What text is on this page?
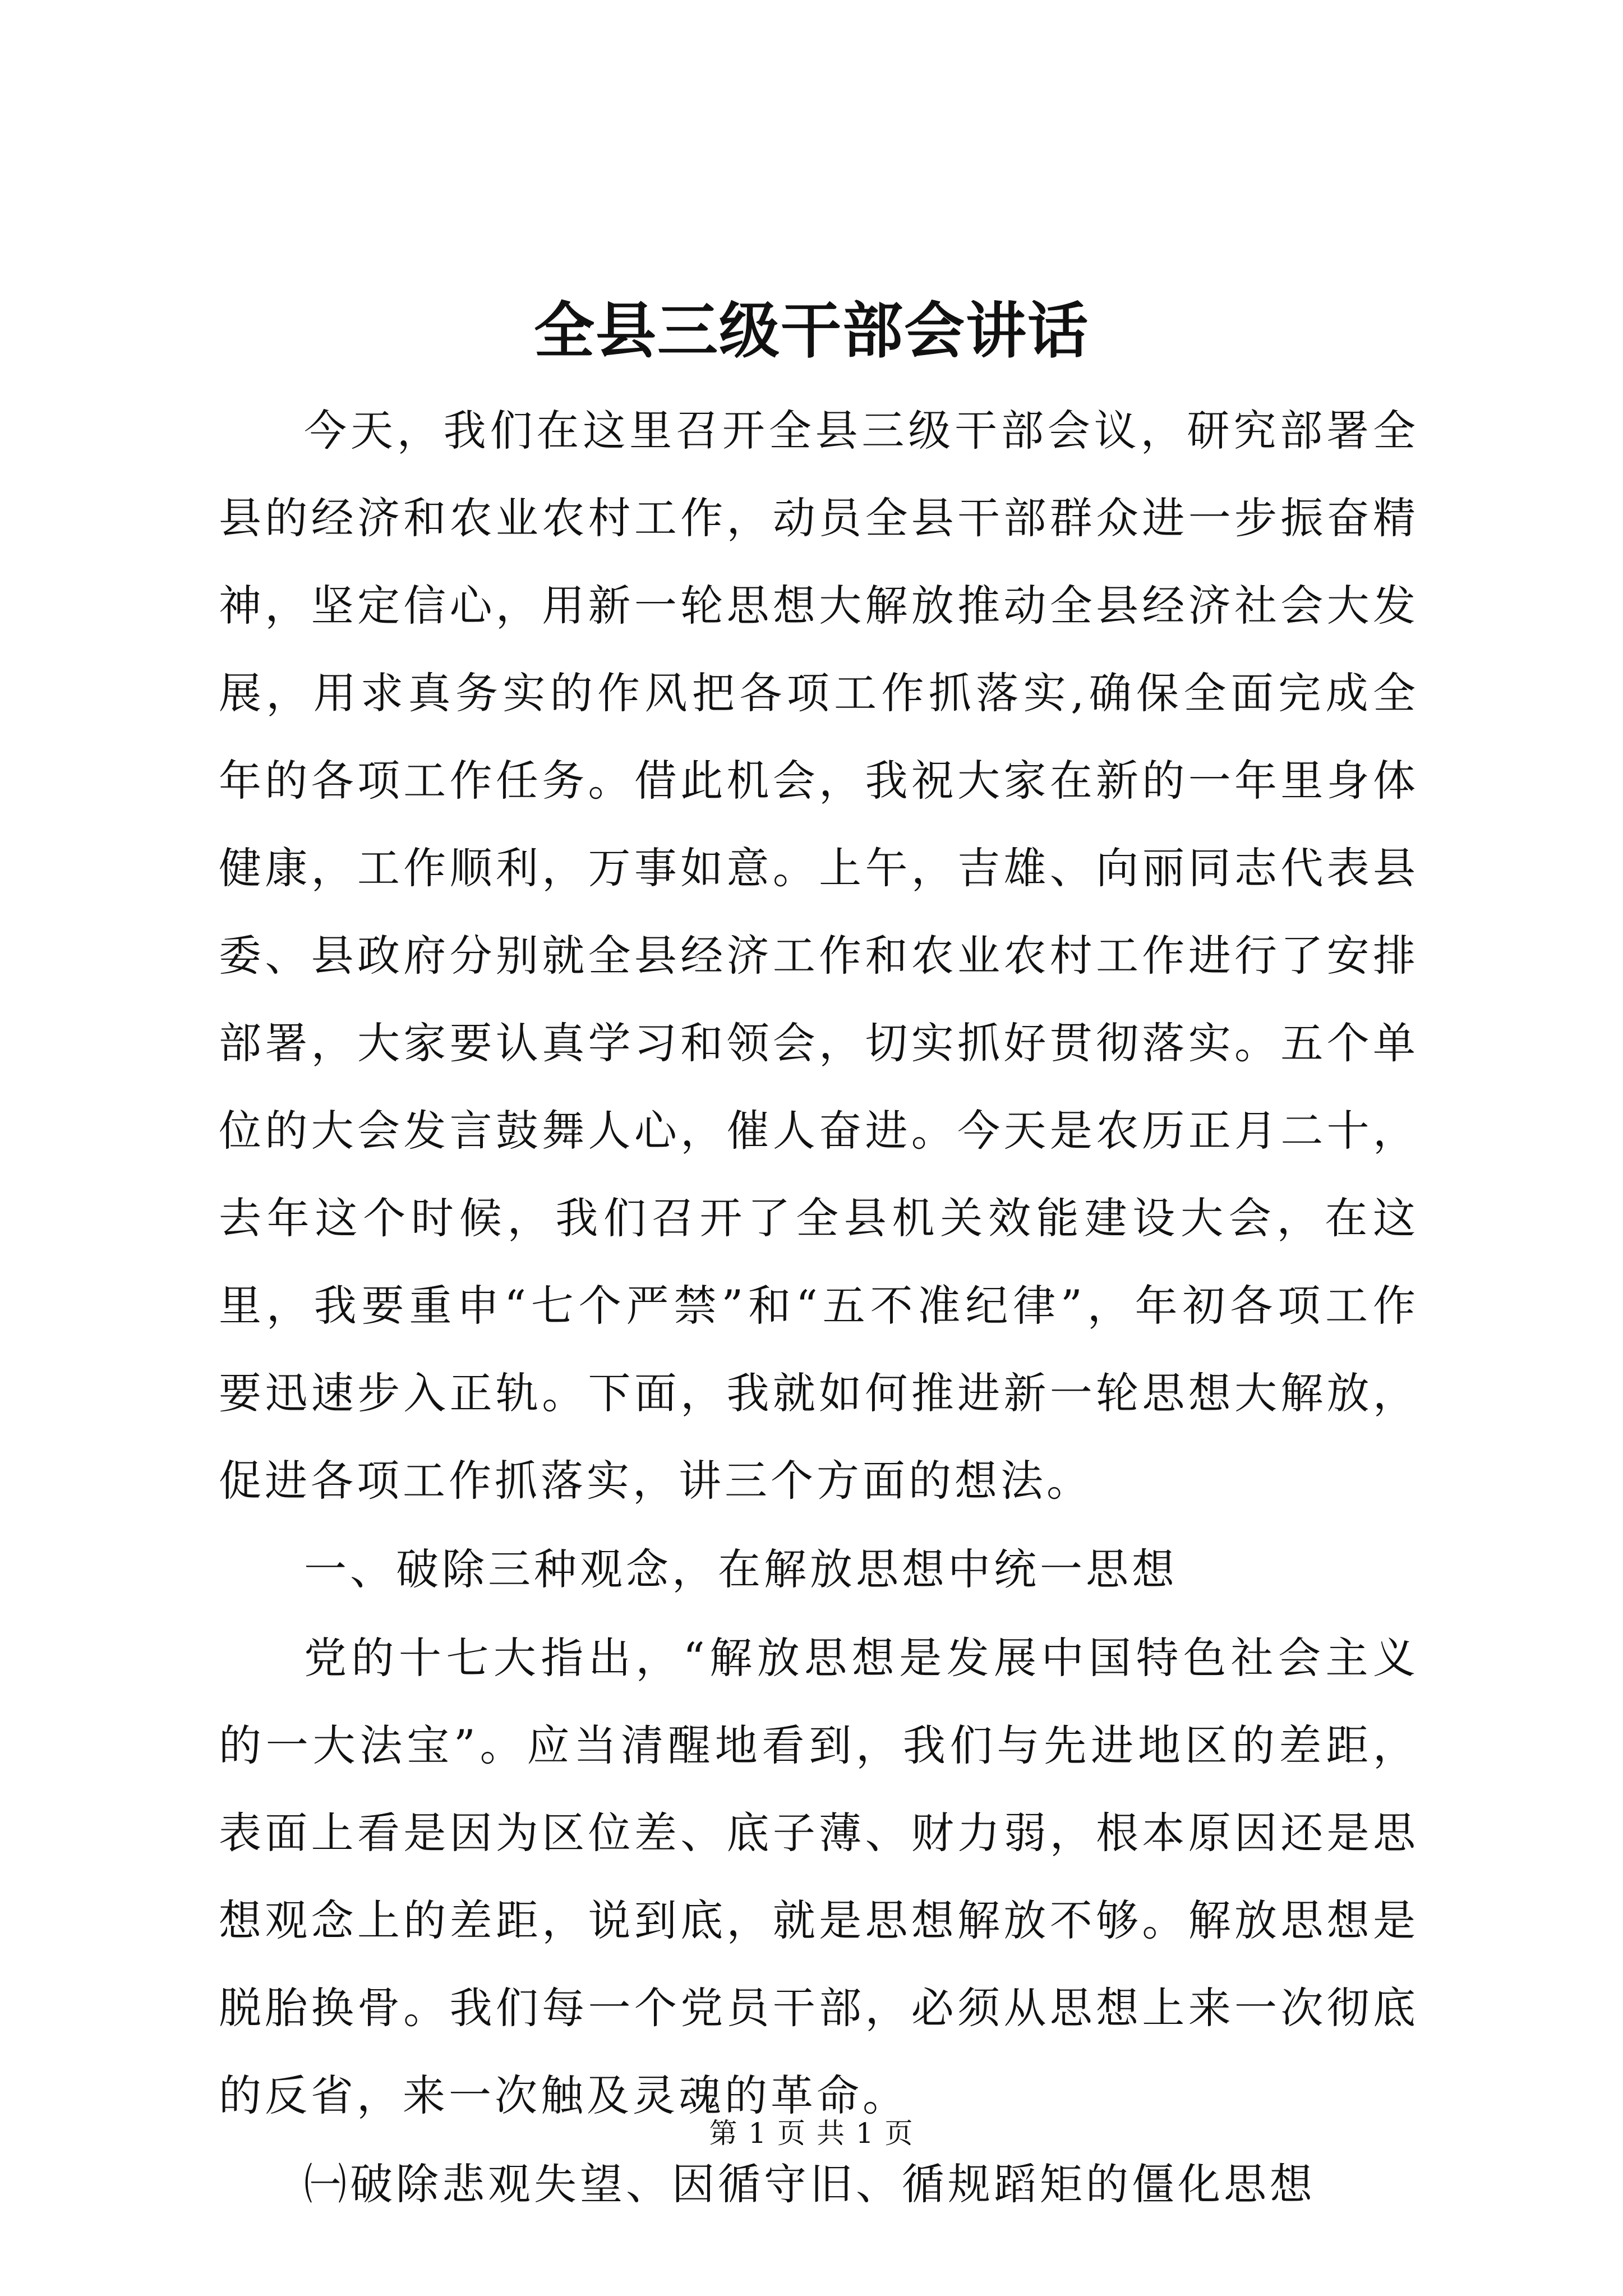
全县三级干部会讲话

今天，我们在这里召开全县三级干部会议，研究部署全县的经济和农业农村工作，动员全县干部群众进一步振奋精神，坚定信心，用新一轮思想大解放推动全县经济社会大发展，用求真务实的作风把各项工作抓落实,确保全面完成全年的各项工作任务。借此机会，我祝大家在新的一年里身体健康，工作顺利，万事如意。上午，吉雄、向丽同志代表县委、县政府分别就全县经济工作和农业农村工作进行了安排部署，大家要认真学习和领会，切实抓好贯彻落实。五个单位的大会发言鼓舞人心，催人奋进。今天是农历正月二十，去年这个时候，我们召开了全县机关效能建设大会，在这里，我要重申“七个严禁”和“五不准纪律”，年初各项工作要迅速步入正轨。下面，我就如何推进新一轮思想大解放，促进各项工作抓落实，讲三个方面的想法。

一、破除三种观念，在解放思想中统一思想

党的十七大指出，“解放思想是发展中国特色社会主义的一大法宝”。应当清醒地看到，我们与先进地区的差距，表面上看是因为区位差、底子薄、财力弱，根本原因还是思想观念上的差距，说到底，就是思想解放不够。解放思想是脱胎换骨。我们每一个党员干部，必须从思想上来一次彻底的反省，来一次触及灵魂的革命。

㈠破除悲观失望、因循守旧、循规蹈矩的僵化思想

第 1 页 共 1 页
